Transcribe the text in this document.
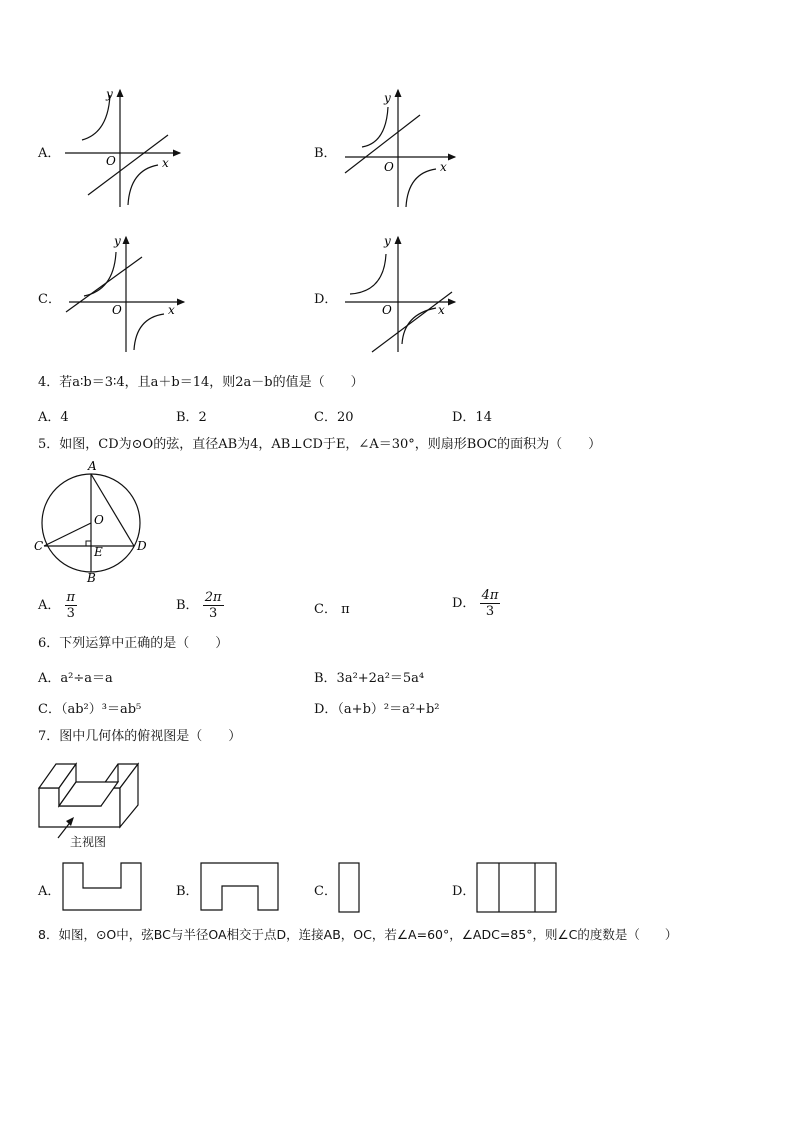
A．
y
x
O	B．
y
x
O
C．
y
x
O
D．
y
x
O
4．若a∶b＝3∶4，且a＋b＝14，则2a－b的值是（　　）
A．4	B．2	C．20	D．14
5．如图，CD为⊙O的弦，直径AB为4，AB⊥CD于E，∠A＝30°，则扇形BOC的面积为（　　）
A
B
C	D
O
E
A． $\frac{\pi}{3}$	B． $\frac{2\pi}{3}$	C． π	D． $\frac{4\pi}{3}$
6．下列运算中正确的是（　　）
A．a²÷a＝a	B．3a²+2a²＝5a⁴
C．（ab²）³＝ab⁵	D．（a+b）²＝a²+b²
7．图中几何体的俯视图是（　　）
主视图
A．	B．	C．	D．
8．如图，⊙O中，弦BC与半径OA相交于点D，连接AB，OC，若∠A=60°，∠ADC=85°，则∠C的度数是（　　）
